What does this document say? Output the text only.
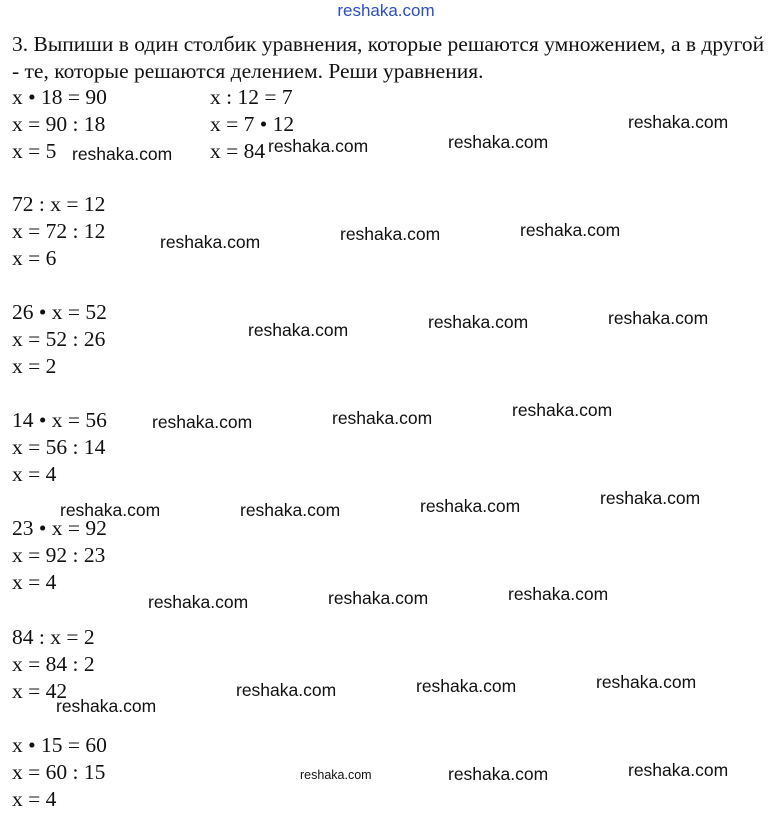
reshaka.com

3. Выпиши в один столбик уравнения, которые решаются умножением, а в другой - те, которые решаются делением. Реши уравнения.

x • 18 = 90
x = 90 : 18
x = 5
x : 12 = 7
x = 7 • 12
x = 84
72 : x = 12
x = 72 : 12
x = 6
26 • x = 52
x = 52 : 26
x = 2
14 • x = 56
x = 56 : 14
x = 4
23 • x = 92
x = 92 : 23
x = 4
84 : x = 2
x = 84 : 2
x = 42
x • 15 = 60
x = 60 : 15
x = 4
reshaka.com
reshaka.com
reshaka.com
reshaka.com
reshaka.com
reshaka.com
reshaka.com
reshaka.com
reshaka.com
reshaka.com
reshaka.com
reshaka.com
reshaka.com
reshaka.com
reshaka.com
reshaka.com
reshaka.com
reshaka.com
reshaka.com
reshaka.com
reshaka.com
reshaka.com
reshaka.com
reshaka.com
reshaka.com
reshaka.com
reshaka.com
